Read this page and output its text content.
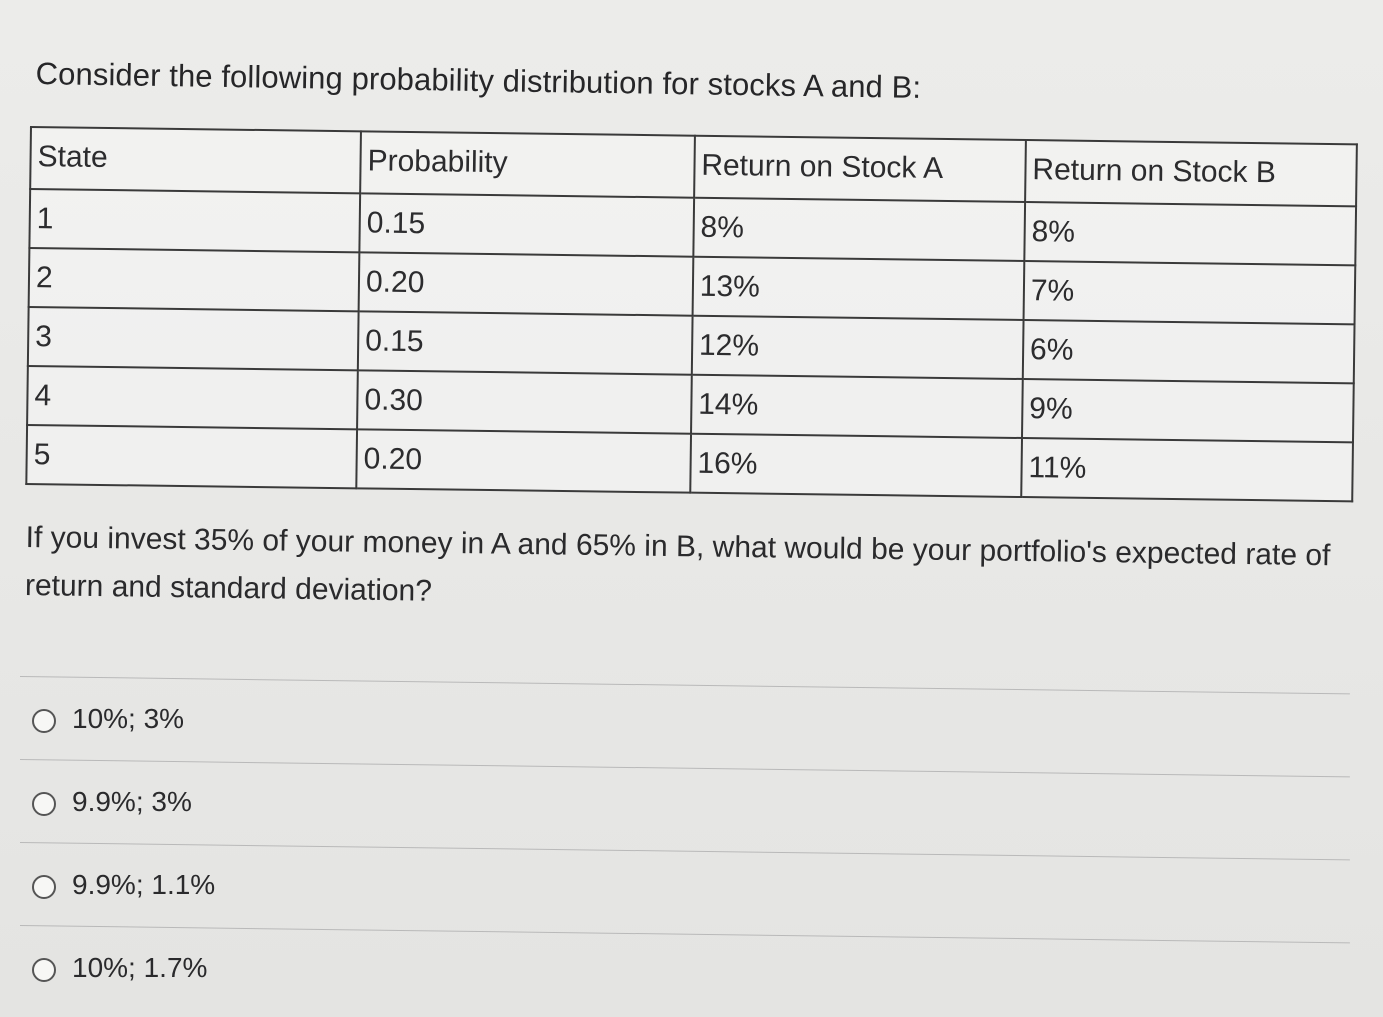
Consider the following probability distribution for stocks A and B:
State	Probability	Return on Stock A	Return on Stock B
1	0.15	8%	8%
2	0.20	13%	7%
3	0.15	12%	6%
4	0.30	14%	9%
5	0.20	16%	11%
If you invest 35% of your money in A and 65% in B, what would be your portfolio's expected rate of return and standard deviation?
10%; 3%
9.9%; 3%
9.9%; 1.1%
10%; 1.7%
